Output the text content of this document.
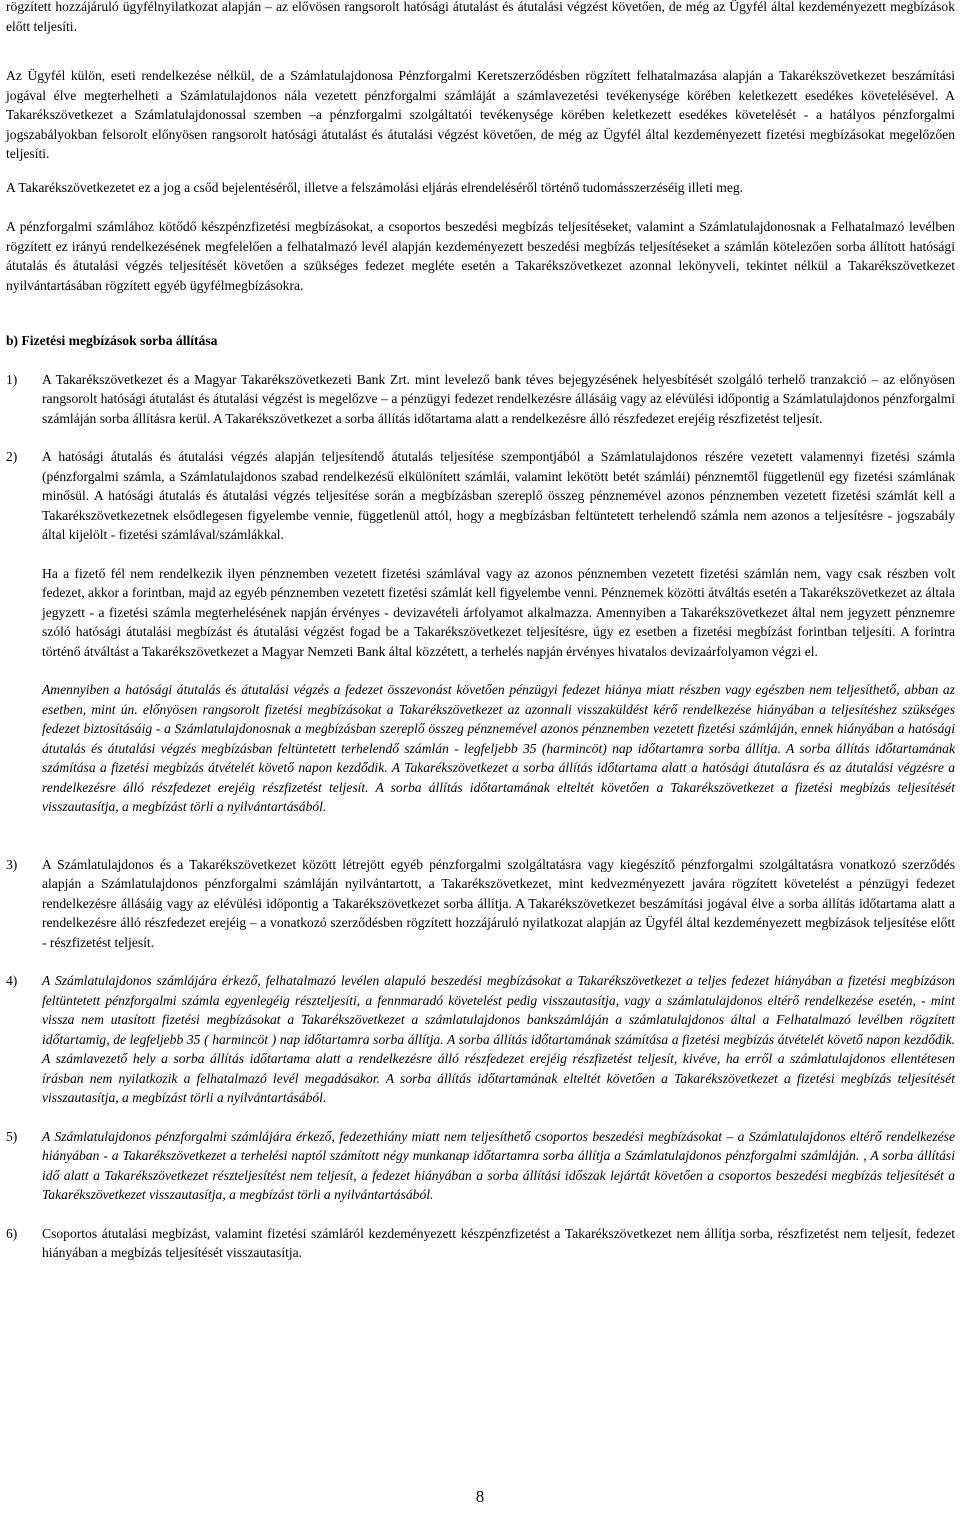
rögzített hozzájáruló ügyfélnyilatkozat alapján – az elővösen rangsorolt hatósági átutalást és átutalási végzést követően, de még az Ügyfél által kezdeményezett megbízások előtt teljesíti.

Az Ügyfél külön, eseti rendelkezése nélkül, de a Számlatulajdonosa Pénzforgalmi Keretszerződésben rögzített felhatalmazása alapján a Takarékszövetkezet beszámítási jogával élve megterhelheti a Számlatulajdonos nála vezetett pénzforgalmi számláját a számlavezetési tevékenysége körében keletkezett esedékes követelésével. A Takarékszövetkezet a Számlatulajdonossal szemben –a pénzforgalmi szolgáltatói tevékenysége körében keletkezett esedékes követelését - a hatályos pénzforgalmi jogszabályokban felsorolt előnyösen rangsorolt hatósági átutalást és átutalási végzést követően, de még az Ügyfél által kezdeményezett fizetési megbízásokat megelőzően teljesíti.

A Takarékszövetkezetet ez a jog a csőd bejelentéséről, illetve a felszámolási eljárás elrendeléséről történő tudomásszerzéséig illeti meg.

A pénzforgalmi számlához kötődő készpénzfizetési megbízásokat, a csoportos beszedési megbízás teljesítéseket, valamint a Számlatulajdonosnak a Felhatalmazó levélben rögzített ez irányú rendelkezésének megfelelően a felhatalmazó levél alapján kezdeményezett beszedési megbízás teljesítéseket a számlán kötelezően sorba állított hatósági átutalás és átutalási végzés teljesítését követően a szükséges fedezet megléte esetén a Takarékszövetkezet azonnal lekönyveli, tekintet nélkül a Takarékszövetkezet nyilvántartásában rögzített egyéb ügyfélmegbízásokra.

b) Fizetési megbízások sorba állítása

1)	A Takarékszövetkezet és a Magyar Takarékszövetkezeti Bank Zrt. mint levelező bank téves bejegyzésének helyesbítését szolgáló terhelő tranzakció – az előnyösen rangsorolt hatósági átutalást és átutalási végzést is megelőzve – a pénzügyi fedezet rendelkezésre állásáig vagy az elévülési időpontig a Számlatulajdonos pénzforgalmi számláján sorba állításra kerül. A Takarékszövetkezet a sorba állítás időtartama alatt a rendelkezésre álló részfedezet erejéig részfizetést teljesít.
2)	A hatósági átutalás és átutalási végzés alapján teljesítendő átutalás teljesítése szempontjából a Számlatulajdonos részére vezetett valamennyi fizetési számla (pénzforgalmi számla, a Számlatulajdonos szabad rendelkezésű elkülönített számlái, valamint lekötött betét számlái) pénznemtől függetlenül egy fizetési számlának minősül. A hatósági átutalás és átutalási végzés teljesítése során a megbízásban szereplő összeg pénznemével azonos pénznemben vezetett fizetési számlát kell a Takarékszövetkezetnek elsődlegesen figyelembe vennie, függetlenül attól, hogy a megbízásban feltüntetett terhelendő számla nem azonos a teljesítésre - jogszabály által kijelölt - fizetési számlával/számlákkal.

Ha a fizető fél nem rendelkezik ilyen pénznemben vezetett fizetési számlával vagy az azonos pénznemben vezetett fizetési számlán nem, vagy csak részben volt fedezet, akkor a forintban, majd az egyéb pénznemben vezetett fizetési számlát kell figyelembe venni. Pénznemek közötti átváltás esetén a Takarékszövetkezet az általa jegyzett - a fizetési számla megterhelésének napján érvényes - devizavételi árfolyamot alkalmazza. Amennyiben a Takarékszövetkezet által nem jegyzett pénznemre szóló hatósági átutalási megbízást és átutalási végzést fogad be a Takarékszövetkezet teljesítésre, úgy ez esetben a fizetési megbízást forintban teljesíti. A forintra történő átváltást a Takarékszövetkezet a Magyar Nemzeti Bank által közzétett, a terhelés napján érvényes hivatalos devizaárfolyamon végzi el.

Amennyiben a hatósági átutalás és átutalási végzés a fedezet összevonást követően pénzügyi fedezet hiánya miatt részben vagy egészben nem teljesíthető, abban az esetben, mint ún. előnyösen rangsorolt fizetési megbízásokat a Takarékszövetkezet az azonnali visszaküldést kérő rendelkezése hiányában a teljesítéshez szükséges fedezet biztosításáig - a Számlatulajdonosnak a megbízásban szereplő összeg pénznemével azonos pénznemben vezetett fizetési számláján, ennek hiányában a hatósági átutalás és átutalási végzés megbízásban feltüntetett terhelendő számlán - legfeljebb 35 (harmincöt) nap időtartamra sorba állítja. A sorba állítás időtartamának számítása a fizetési megbízás átvételét követő napon kezdődik. A Takarékszövetkezet a sorba állítás időtartama alatt a hatósági átutalásra és az átutalási végzésre a rendelkezésre álló részfedezet erejéig részfizetést teljesít. A sorba állítás időtartamának elteltét követően a Takarékszövetkezet a fizetési megbízás teljesítését visszautasítja, a megbízást törli a nyilvántartásából.

3)	A Számlatulajdonos és a Takarékszövetkezet között létrejött egyéb pénzforgalmi szolgáltatásra vagy kiegészítő pénzforgalmi szolgáltatásra vonatkozó szerződés alapján a Számlatulajdonos pénzforgalmi számláján nyilvántartott, a Takarékszövetkezet, mint kedvezményezett javára rögzített követelést a pénzügyi fedezet rendelkezésre állásáig vagy az elévülési időpontig a Takarékszövetkezet sorba állítja. A Takarékszövetkezet beszámítási jogával élve a sorba állítás időtartama alatt a rendelkezésre álló részfedezet erejéig – a vonatkozó szerződésben rögzített hozzájáruló nyilatkozat alapján az Ügyfél által kezdeményezett megbízások teljesítése előtt - részfizetést teljesít.
4)	A Számlatulajdonos számlájára érkező, felhatalmazó levélen alapuló beszedési megbízásokat a Takarékszövetkezet a teljes fedezet hiányában a fizetési megbízáson feltüntetett pénzforgalmi számla egyenlegéig részteljesíti, a fennmaradó követelést pedig visszautasítja, vagy a számlatulajdonos eltérő rendelkezése esetén, - mint vissza nem utasított fizetési megbízásokat a Takarékszövetkezet a számlatulajdonos bankszámláján a számlatulajdonos által a Felhatalmazó levélben rögzített időtartamig, de legfeljebb 35 ( harmincöt ) nap időtartamra sorba állítja. A sorba állítás időtartamának számítása a fizetési megbízás átvételét követő napon kezdődik. A számlavezető hely a sorba állítás időtartama alatt a rendelkezésre álló részfedezet erejéig részfizetést teljesít, kivéve, ha erről a számlatulajdonos ellentétesen írásban nem nyilatkozik a felhatalmazó levél megadásakor. A sorba állítás időtartamának elteltét követően a Takarékszövetkezet a fizetési megbízás teljesítését visszautasítja, a megbízást törli a nyilvántartásából.
5)	A Számlatulajdonos pénzforgalmi számlájára érkező, fedezethiány miatt nem teljesíthető csoportos beszedési megbízásokat – a Számlatulajdonos eltérő rendelkezése hiányában - a Takarékszövetkezet a terhelési naptól számított négy munkanap időtartamra sorba állítja a Számlatulajdonos pénzforgalmi számláján. , A sorba állítási idő alatt a Takarékszövetkezet részteljesítést nem teljesít, a fedezet hiányában a sorba állítási időszak lejártát követően a csoportos beszedési megbízás teljesítését a Takarékszövetkezet visszautasítja, a megbízást törli a nyilvántartásából.
6)	Csoportos átutalási megbízást, valamint fizetési számláról kezdeményezett készpénzfizetést a Takarékszövetkezet nem állítja sorba, részfizetést nem teljesít, fedezet hiányában a megbízás teljesítését visszautasítja.
8
